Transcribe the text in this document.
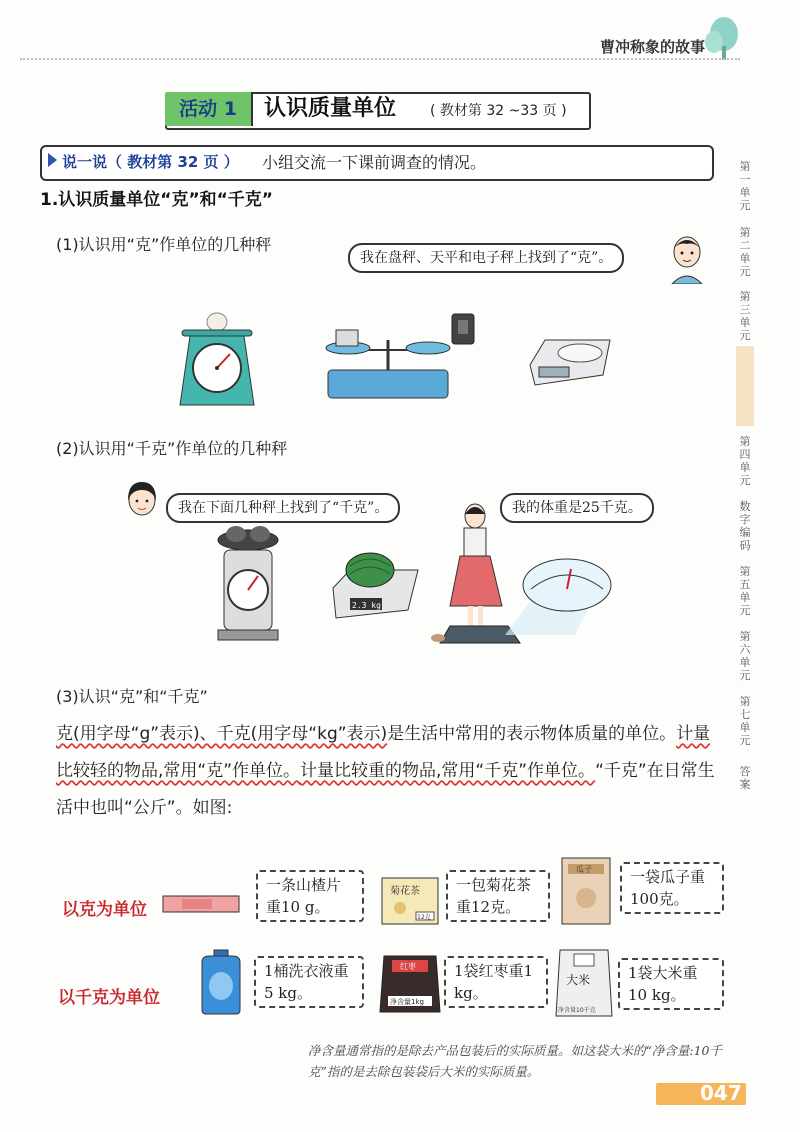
曹冲称象的故事
活动 1	认识质量单位 ( 教材第 32 ~33 页 )
说一说（ 教材第 32 页 ） 小组交流一下课前调查的情况。	第一单元
第二单元
第三单元
第四单元
数字编码
第五单元
第六单元
第七单元
答案
1.认识质量单位“克”和“千克”
(1)认识用“克”作单位的几种秤
我在盘秤、天平和电子秤上找到了“克”。
(2)认识用“千克”作单位的几种秤
我在下面几种秤上找到了“千克”。	我的体重是25千克。
2.3 kg
(3)认识“克”和“千克”
克(用字母“g”表示)、千克(用字母“kg”表示)是生活中常用的表示物体质量的单位。计量比较轻的物品,常用“克”作单位。计量比较重的物品,常用“千克”作单位。“千克”在日常生活中也叫“公斤”。如图:
以克为单位
一条山楂片重10 g。
菊花茶
12克
一包菊花茶重12克。
瓜子	一袋瓜子重100克。
以千克为单位
1桶洗衣液重5 kg。
红枣
净含量1kg
1袋红枣重1 kg。
大米
净含量10千克
1袋大米重10 kg。
净含量通常指的是除去产品包装后的实际质量。如这袋大米的“净含量:10千克”指的是去除包装袋后大米的实际质量。
047
